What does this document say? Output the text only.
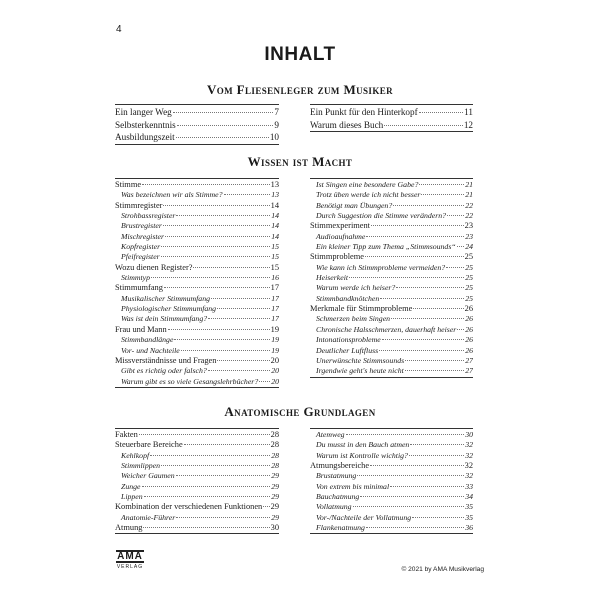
4
INHALT
Vom Fliesenleger zum Musiker
Ein langer Weg	7
Selbsterkenntnis	9
Ausbildungszeit	10
Ein Punkt für den Hinterkopf	11
Warum dieses Buch	12
Wissen ist Macht
Stimme	13
Was bezeichnen wir als Stimme?	13
Stimmregister	14
Strohbassregister	14
Brustregister	14
Mischregister	14
Kopfregister	15
Pfeifregister	15
Wozu dienen Register?	15
Stimmtyp	16
Stimmumfang	17
Musikalischer Stimmumfang	17
Physiologischer Stimmumfang	17
Was ist dein Stimmumfang?	17
Frau und Mann	19
Stimmbandlänge	19
Vor- und Nachteile	19
Missverständnisse und Fragen	20
Gibt es richtig oder falsch?	20
Warum gibt es so viele Gesangslehrbücher? 20
Ist Singen eine besondere Gabe?	21
Trotz üben werde ich nicht besser	21
Benötigt man Übungen?	22
Durch Suggestion die Stimme verändern? 22
Stimmexperiment	23
Audioaufnahme	23
Ein kleiner Tipp zum Thema „Stimmsounds“ 24
Stimmprobleme	25
Wie kann ich Stimmprobleme vermeiden?	25
Heiserkeit	25
Warum werde ich heiser?	25
Stimmbandknötchen	25
Merkmale für Stimmprobleme	26
Schmerzen beim Singen	26
Chronische Halsschmerzen, dauerhaft heiser 26
Intonationsprobleme	26
Deutlicher Luftfluss	26
Unerwünschte Stimmsounds	27
Irgendwie geht's heute nicht	27
Anatomische Grundlagen
Fakten	28
Steuerbare Bereiche	28
Kehlkopf	28
Stimmlippen	28
Weicher Gaumen	29
Zunge	29
Lippen	29
Kombination der verschiedenen Funktionen 29
Anatomie-Führer	29
Atmung	30
Atemweg	30
Du musst in den Bauch atmen	32
Warum ist Kontrolle wichtig?	32
Atmungsbereiche	32
Brustatmung	32
Von extrem bis minimal	33
Bauchatmung	34
Vollatmung	35
Vor-/Nachteile der Vollatmung	35
Flankenatmung	36
AMA
VERLAG	© 2021 by AMA Musikverlag
